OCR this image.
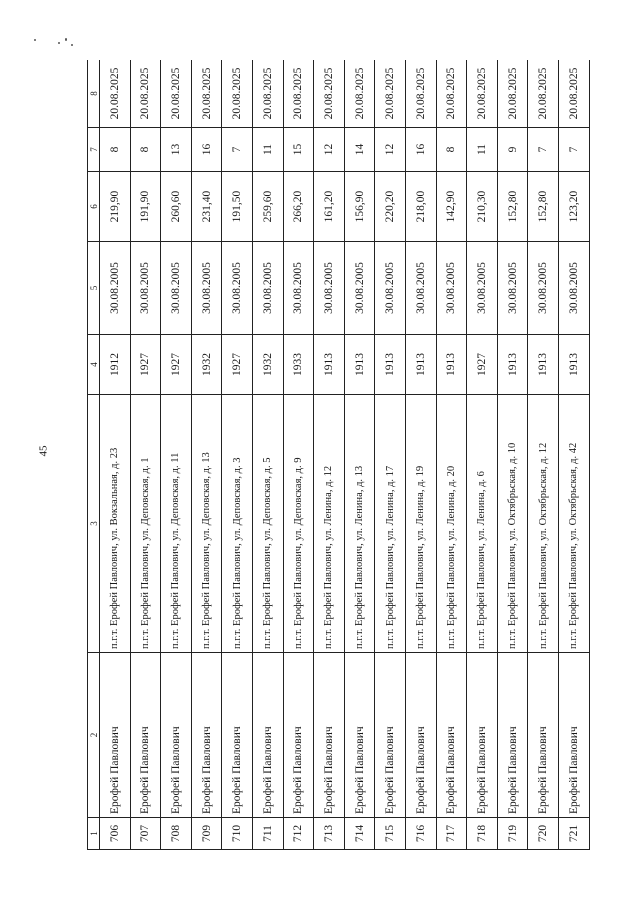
45
1	2	3	4	5	6	7	8
706	Ерофей Павлович	п.г.т. Ерофей Павлович, ул. Вокзальная, д. 23	1912	30.08.2005	219,90	8	20.08.2025
707	Ерофей Павлович	п.г.т. Ерофей Павлович, ул. Деповская, д. 1	1927	30.08.2005	191,90	8	20.08.2025
708	Ерофей Павлович	п.г.т. Ерофей Павлович, ул. Деповская, д. 11	1927	30.08.2005	260,60	13	20.08.2025
709	Ерофей Павлович	п.г.т. Ерофей Павлович, ул. Деповская, д. 13	1932	30.08.2005	231,40	16	20.08.2025
710	Ерофей Павлович	п.г.т. Ерофей Павлович, ул. Деповская, д. 3	1927	30.08.2005	191,50	7	20.08.2025
711	Ерофей Павлович	п.г.т. Ерофей Павлович, ул. Деповская, д. 5	1932	30.08.2005	259,60	11	20.08.2025
712	Ерофей Павлович	п.г.т. Ерофей Павлович, ул. Деповская, д. 9	1933	30.08.2005	266,20	15	20.08.2025
713	Ерофей Павлович	п.г.т. Ерофей Павлович, ул. Ленина, д. 12	1913	30.08.2005	161,20	12	20.08.2025
714	Ерофей Павлович	п.г.т. Ерофей Павлович, ул. Ленина, д. 13	1913	30.08.2005	156,90	14	20.08.2025
715	Ерофей Павлович	п.г.т. Ерофей Павлович, ул. Ленина, д. 17	1913	30.08.2005	220,20	12	20.08.2025
716	Ерофей Павлович	п.г.т. Ерофей Павлович, ул. Ленина, д. 19	1913	30.08.2005	218,00	16	20.08.2025
717	Ерофей Павлович	п.г.т. Ерофей Павлович, ул. Ленина, д. 20	1913	30.08.2005	142,90	8	20.08.2025
718	Ерофей Павлович	п.г.т. Ерофей Павлович, ул. Ленина, д. 6	1927	30.08.2005	210,30	11	20.08.2025
719	Ерофей Павлович	п.г.т. Ерофей Павлович, ул. Октябрьская, д. 10	1913	30.08.2005	152,80	9	20.08.2025
720	Ерофей Павлович	п.г.т. Ерофей Павлович, ул. Октябрьская, д. 12	1913	30.08.2005	152,80	7	20.08.2025
721	Ерофей Павлович	п.г.т. Ерофей Павлович, ул. Октябрьская, д. 42	1913	30.08.2005	123,20	7	20.08.2025
